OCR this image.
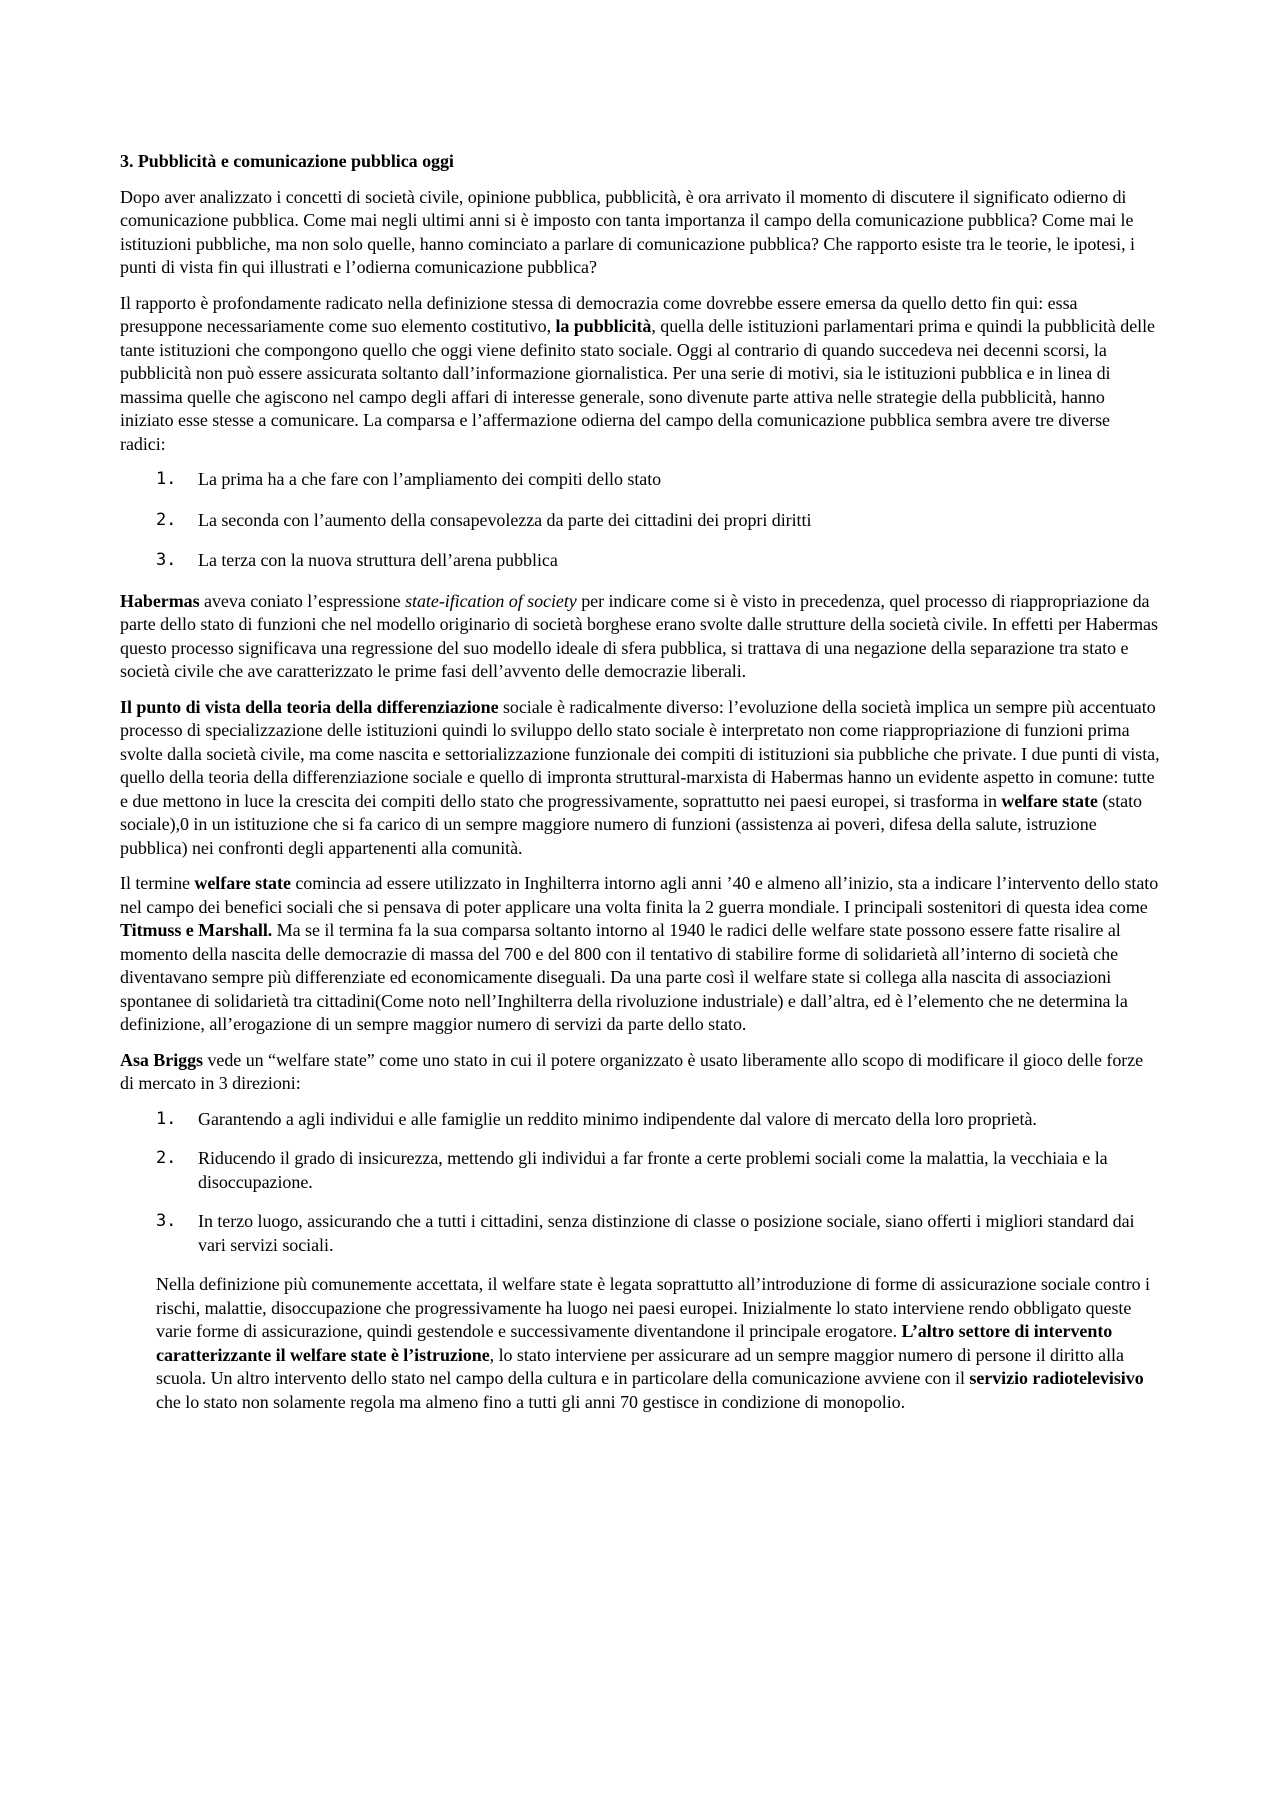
3. Pubblicità e comunicazione pubblica oggi

Dopo aver analizzato i concetti di società civile, opinione pubblica, pubblicità, è ora arrivato il momento di discutere il significato odierno di comunicazione pubblica. Come mai negli ultimi anni si è imposto con tanta importanza il campo della comunicazione pubblica? Come mai le istituzioni pubbliche, ma non solo quelle, hanno cominciato a parlare di comunicazione pubblica? Che rapporto esiste tra le teorie, le ipotesi, i punti di vista fin qui illustrati e l’odierna comunicazione pubblica?

Il rapporto è profondamente radicato nella definizione stessa di democrazia come dovrebbe essere emersa da quello detto fin qui: essa presuppone necessariamente come suo elemento costitutivo, la pubblicità, quella delle istituzioni parlamentari prima e quindi la pubblicità delle tante istituzioni che compongono quello che oggi viene definito stato sociale. Oggi al contrario di quando succedeva nei decenni scorsi, la pubblicità non può essere assicurata soltanto dall’informazione giornalistica. Per una serie di motivi, sia le istituzioni pubblica e in linea di massima quelle che agiscono nel campo degli affari di interesse generale, sono divenute parte attiva nelle strategie della pubblicità, hanno iniziato esse stesse a comunicare. La comparsa e l’affermazione odierna del campo della comunicazione pubblica sembra avere tre diverse radici:

1. La prima ha a che fare con l’ampliamento dei compiti dello stato
2. La seconda con l’aumento della consapevolezza da parte dei cittadini dei propri diritti
3. La terza con la nuova struttura dell’arena pubblica

Habermas aveva coniato l’espressione state-ification of society per indicare come si è visto in precedenza, quel processo di riappropriazione da parte dello stato di funzioni che nel modello originario di società borghese erano svolte dalle strutture della società civile. In effetti per Habermas questo processo significava una regressione del suo modello ideale di sfera pubblica, si trattava di una negazione della separazione tra stato e società civile che ave caratterizzato le prime fasi dell’avvento delle democrazie liberali.

Il punto di vista della teoria della differenziazione sociale è radicalmente diverso: l’evoluzione della società implica un sempre più accentuato processo di specializzazione delle istituzioni quindi lo sviluppo dello stato sociale è interpretato non come riappropriazione di funzioni prima svolte dalla società civile, ma come nascita e settorializzazione funzionale dei compiti di istituzioni sia pubbliche che private. I due punti di vista, quello della teoria della differenziazione sociale e quello di impronta struttural-marxista di Habermas hanno un evidente aspetto in comune: tutte e due mettono in luce la crescita dei compiti dello stato che progressivamente, soprattutto nei paesi europei, si trasforma in welfare state (stato sociale),0 in un istituzione che si fa carico di un sempre maggiore numero di funzioni (assistenza ai poveri, difesa della salute, istruzione pubblica) nei confronti degli appartenenti alla comunità.

Il termine welfare state comincia ad essere utilizzato in Inghilterra intorno agli anni ’40 e almeno all’inizio, sta a indicare l’intervento dello stato nel campo dei benefici sociali che si pensava di poter applicare una volta finita la 2 guerra mondiale. I principali sostenitori di questa idea come Titmuss e Marshall. Ma se il termina fa la sua comparsa soltanto intorno al 1940 le radici delle welfare state possono essere fatte risalire al momento della nascita delle democrazie di massa del 700 e del 800 con il tentativo di stabilire forme di solidarietà all’interno di società che diventavano sempre più differenziate ed economicamente diseguali. Da una parte così il welfare state si collega alla nascita di associazioni spontanee di solidarietà tra cittadini(Come noto nell’Inghilterra della rivoluzione industriale) e dall’altra, ed è l’elemento che ne determina la definizione, all’erogazione di un sempre maggior numero di servizi da parte dello stato.

Asa Briggs vede un “welfare state” come uno stato in cui il potere organizzato è usato liberamente allo scopo di modificare il gioco delle forze di mercato in 3 direzioni:

1. Garantendo a agli individui e alle famiglie un reddito minimo indipendente dal valore di mercato della loro proprietà.
2. Riducendo il grado di insicurezza, mettendo gli individui a far fronte a certe problemi sociali come la malattia, la vecchiaia e la disoccupazione.
3. In terzo luogo, assicurando che a tutti i cittadini, senza distinzione di classe o posizione sociale, siano offerti i migliori standard dai vari servizi sociali.

Nella definizione più comunemente accettata, il welfare state è legata soprattutto all’introduzione di forme di assicurazione sociale contro i rischi, malattie, disoccupazione che progressivamente ha luogo nei paesi europei. Inizialmente lo stato interviene rendo obbligato queste varie forme di assicurazione, quindi gestendole e successivamente diventandone il principale erogatore. L’altro settore di intervento caratterizzante il welfare state è l’istruzione, lo stato interviene per assicurare ad un sempre maggior numero di persone il diritto alla scuola. Un altro intervento dello stato nel campo della cultura e in particolare della comunicazione avviene con il servizio radiotelevisivo che lo stato non solamente regola ma almeno fino a tutti gli anni 70 gestisce in condizione di monopolio.
